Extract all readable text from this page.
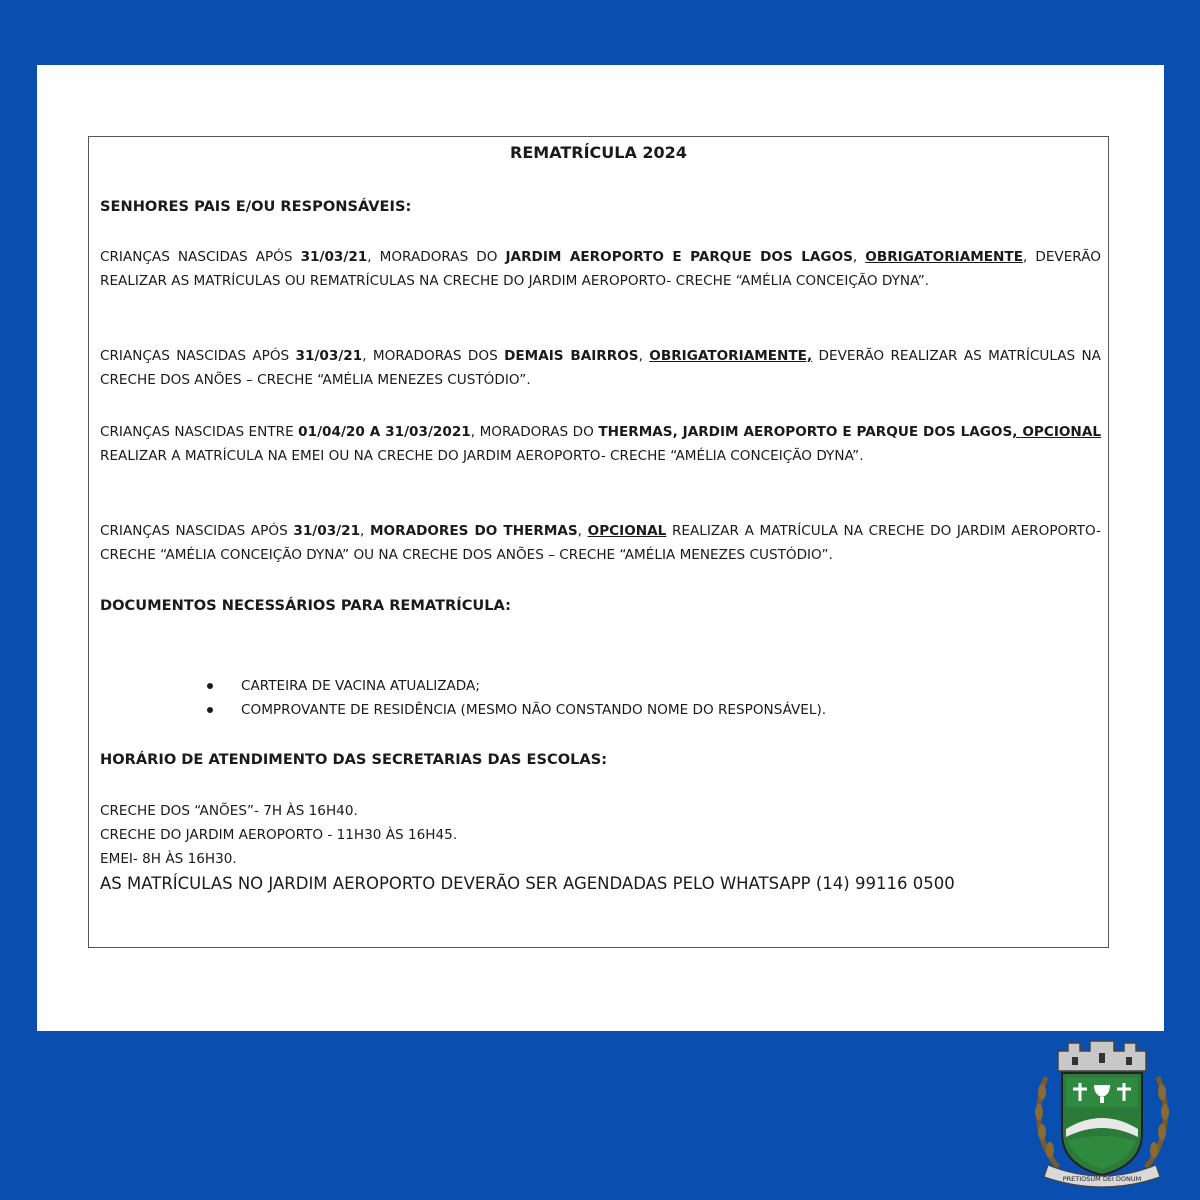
REMATRÍCULA 2024
SENHORES PAIS E/OU RESPONSÁVEIS:

CRIANÇAS NASCIDAS APÓS 31/03/21, MORADORAS DO JARDIM AEROPORTO E PARQUE DOS LAGOS, OBRIGATORIAMENTE, DEVERÃO REALIZAR AS MATRÍCULAS OU REMATRÍCULAS NA CRECHE DO JARDIM AEROPORTO- CRECHE “AMÉLIA CONCEIÇÃO DYNA”.

CRIANÇAS NASCIDAS APÓS 31/03/21, MORADORAS DOS DEMAIS BAIRROS, OBRIGATORIAMENTE, DEVERÃO REALIZAR AS MATRÍCULAS NA CRECHE DOS ANÕES – CRECHE “AMÉLIA MENEZES CUSTÓDIO”.

CRIANÇAS NASCIDAS ENTRE 01/04/20 A 31/03/2021, MORADORAS DO THERMAS, JARDIM AEROPORTO E PARQUE DOS LAGOS, OPCIONAL REALIZAR A MATRÍCULA NA EMEI OU NA CRECHE DO JARDIM AEROPORTO- CRECHE “AMÉLIA CONCEIÇÃO DYNA”.

CRIANÇAS NASCIDAS APÓS 31/03/21, MORADORES DO THERMAS, OPCIONAL REALIZAR A MATRÍCULA NA CRECHE DO JARDIM AEROPORTO- CRECHE “AMÉLIA CONCEIÇÃO DYNA” OU NA CRECHE DOS ANÕES – CRECHE “AMÉLIA MENEZES CUSTÓDIO”.

DOCUMENTOS NECESSÁRIOS PARA REMATRÍCULA:
CARTEIRA DE VACINA ATUALIZADA;
COMPROVANTE DE RESIDÊNCIA (MESMO NÃO CONSTANDO NOME DO RESPONSÁVEL).
HORÁRIO DE ATENDIMENTO DAS SECRETARIAS DAS ESCOLAS:
CRECHE DOS “ANÕES”- 7H ÀS 16H40.
CRECHE DO JARDIM AEROPORTO - 11H30 ÀS 16H45.
EMEI- 8H ÀS 16H30.
AS MATRÍCULAS NO JARDIM AEROPORTO DEVERÃO SER AGENDADAS PELO WHATSAPP (14) 99116 0500
PRETIOSUM DEI DONUM
